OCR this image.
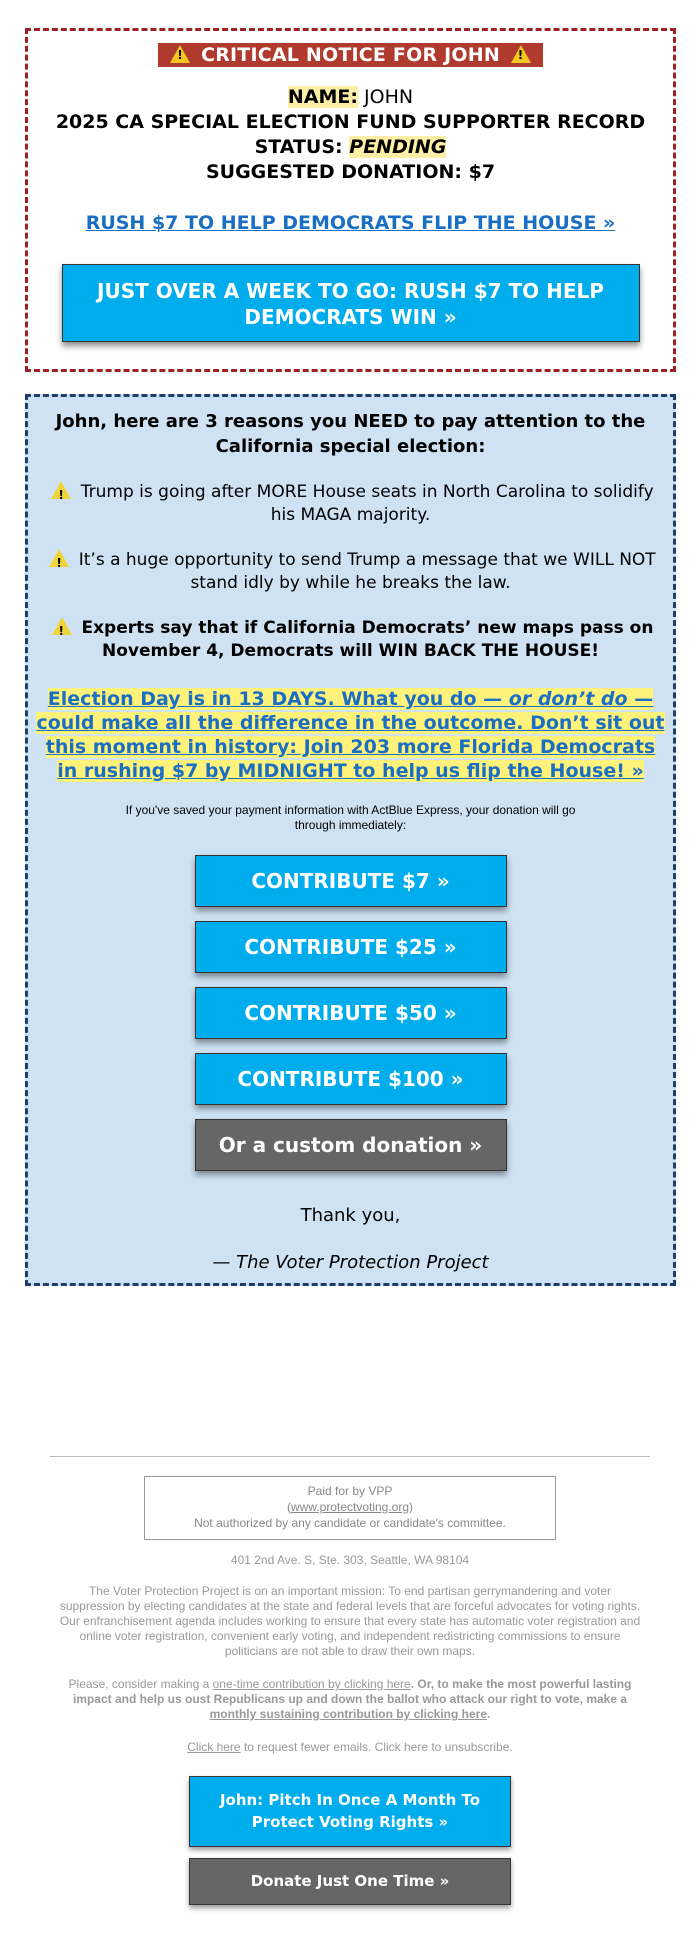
! CRITICAL NOTICE FOR JOHN !
NAME: JOHN
2025 CA SPECIAL ELECTION FUND SUPPORTER RECORD
STATUS: PENDING
SUGGESTED DONATION: $7
RUSH $7 TO HELP DEMOCRATS FLIP THE HOUSE »
JUST OVER A WEEK TO GO: RUSH $7 TO HELP DEMOCRATS WIN »
John, here are 3 reasons you NEED to pay attention to the California special election:
! Trump is going after MORE House seats in North Carolina to solidify his MAGA majority.
! It’s a huge opportunity to send Trump a message that we WILL NOT stand idly by while he breaks the law.
! Experts say that if California Democrats’ new maps pass on November 4, Democrats will WIN BACK THE HOUSE!
Election Day is in 13 DAYS. What you do — or don’t do — could make all the difference in the outcome. Don’t sit out this moment in history: Join 203 more Florida Democrats in rushing $7 by MIDNIGHT to help us flip the House! »
If you've saved your payment information with ActBlue Express, your donation will go through immediately:
CONTRIBUTE $7 »
CONTRIBUTE $25 »
CONTRIBUTE $50 »
CONTRIBUTE $100 »
Or a custom donation »
Thank you,
— The Voter Protection Project
Paid for by VPP
(www.protectvoting.org)
Not authorized by any candidate or candidate's committee.
401 2nd Ave. S, Ste. 303, Seattle, WA 98104
The Voter Protection Project is on an important mission: To end partisan gerrymandering and voter suppression by electing candidates at the state and federal levels that are forceful advocates for voting rights. Our enfranchisement agenda includes working to ensure that every state has automatic voter registration and online voter registration, convenient early voting, and independent redistricting commissions to ensure politicians are not able to draw their own maps.
Please, consider making a one-time contribution by clicking here. Or, to make the most powerful lasting impact and help us oust Republicans up and down the ballot who attack our right to vote, make a monthly sustaining contribution by clicking here.
Click here to request fewer emails. Click here to unsubscribe.
John: Pitch In Once A Month To Protect Voting Rights »
Donate Just One Time »
